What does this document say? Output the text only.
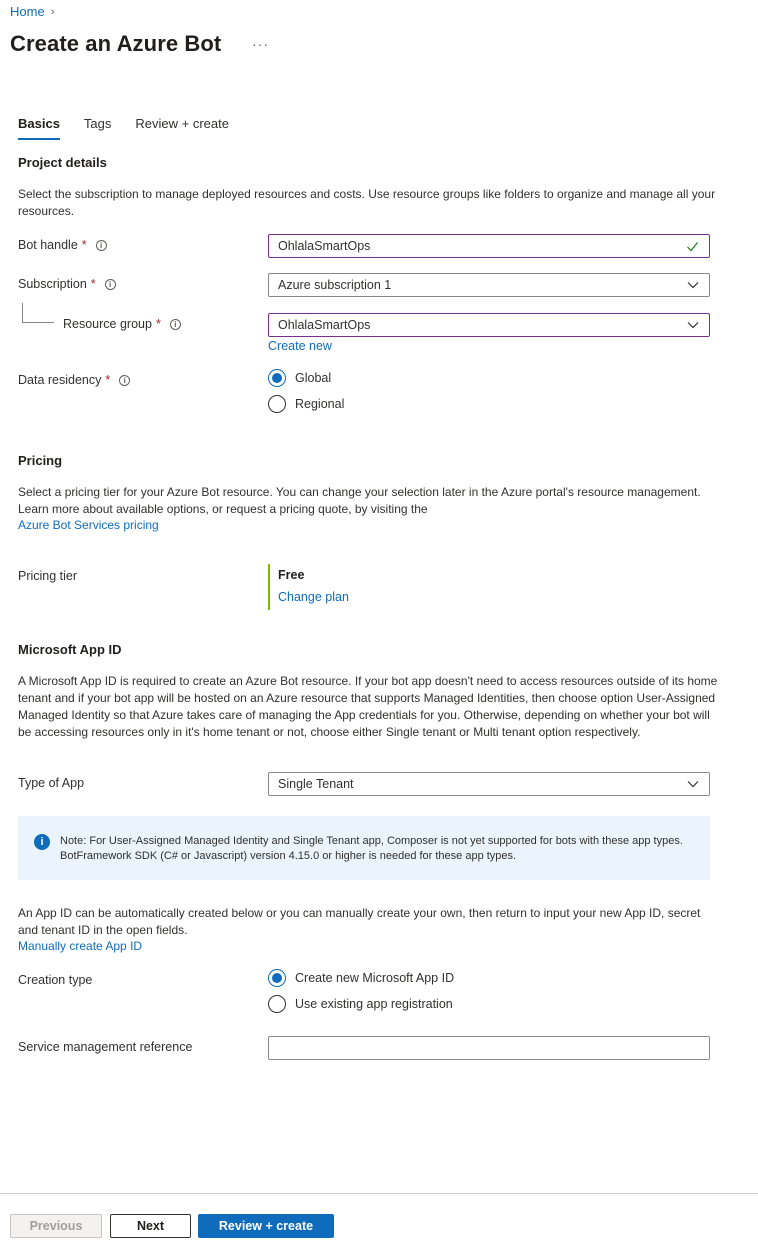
Home ›
Create an Azure Bot ···
Basics Tags Review + create
Project details
Select the subscription to manage deployed resources and costs. Use resource groups like folders to organize and manage all your resources.
Bot handle *	i	OhlalaSmartOps
Subscription *	i	Azure subscription 1
Resource group *	i	OhlalaSmartOps
Create new
Data residency *	i	Global
Regional
Pricing
Select a pricing tier for your Azure Bot resource. You can change your selection later in the Azure portal's resource management. Learn more about available options, or request a pricing quote, by visiting the
Azure Bot Services pricing
Pricing tier	Free
Change plan
Microsoft App ID
A Microsoft App ID is required to create an Azure Bot resource. If your bot app doesn't need to access resources outside of its home tenant and if your bot app will be hosted on an Azure resource that supports Managed Identities, then choose option User-Assigned Managed Identity so that Azure takes care of managing the App credentials for you. Otherwise, depending on whether your bot will be accessing resources only in it's home tenant or not, choose either Single tenant or Multi tenant option respectively.
Type of App	Single Tenant
i	Note: For User-Assigned Managed Identity and Single Tenant app, Composer is not yet supported for bots with these app types. BotFramework SDK (C# or Javascript) version 4.15.0 or higher is needed for these app types.
An App ID can be automatically created below or you can manually create your own, then return to input your new App ID, secret and tenant ID in the open fields.
Manually create App ID
Creation type	Create new Microsoft App ID
Use existing app registration
Service management reference
Previous	Next	Review + create
